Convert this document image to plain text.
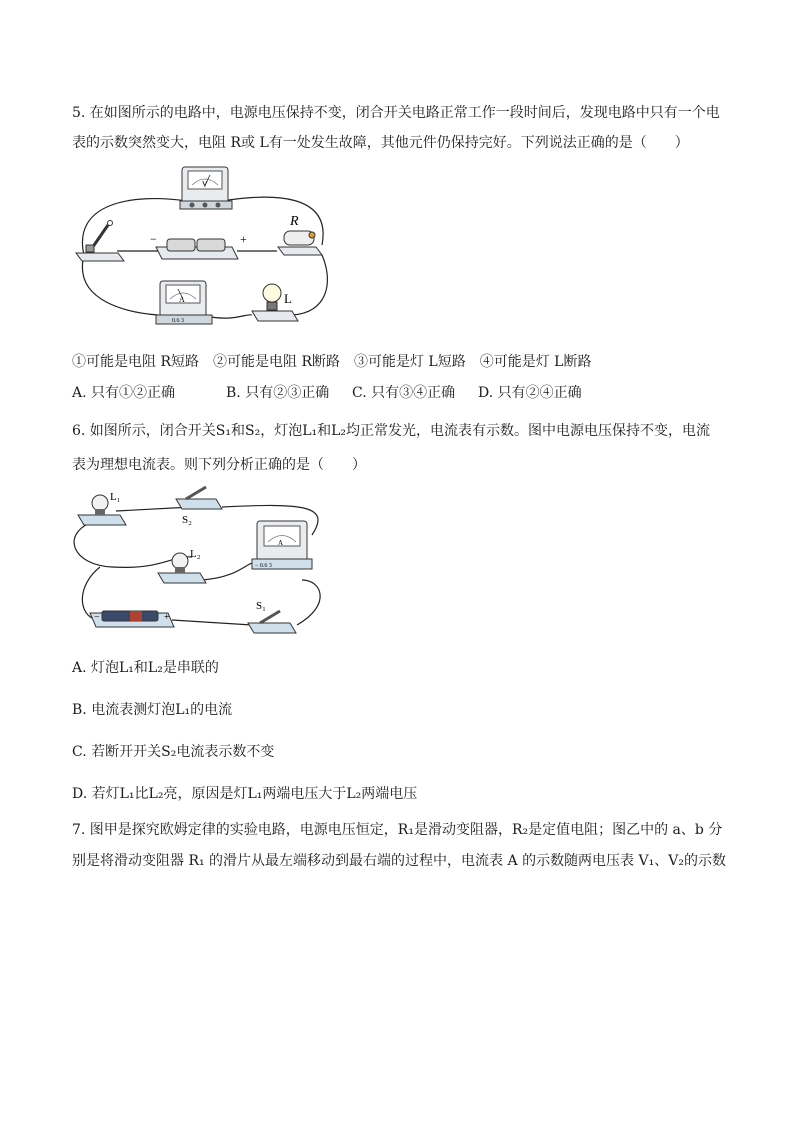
5. 在如图所示的电路中，电源电压保持不变，闭合开关电路正常工作一段时间后，发现电路中只有一个电
表的示数突然变大，电阻 R或 L有一处发生故障，其他元件仍保持完好。下列说法正确的是（　　）
V
−	+
R
A
0.6 3
L
①可能是电阻 R短路　②可能是电阻 R断路　③可能是灯 L短路　④可能是灯 L断路
A. 只有①②正确	B. 只有②③正确 C. 只有③④正确 D. 只有②④正确
6. 如图所示，闭合开关S₁和S₂，灯泡L₁和L₂均正常发光，电流表有示数。图中电源电压保持不变，电流
表为理想电流表。则下列分析正确的是（　　）
L₁
S₂
A
− 0.6 3
L₂
−	+
S₁
A. 灯泡L₁和L₂是串联的
B. 电流表测灯泡L₁的电流
C. 若断开开关S₂电流表示数不变
D. 若灯L₁比L₂亮，原因是灯L₁两端电压大于L₂两端电压
7. 图甲是探究欧姆定律的实验电路，电源电压恒定，R₁是滑动变阻器，R₂是定值电阻；图乙中的 a、b 分
别是将滑动变阻器 R₁ 的滑片从最左端移动到最右端的过程中，电流表 A 的示数随两电压表 V₁、V₂的示数
